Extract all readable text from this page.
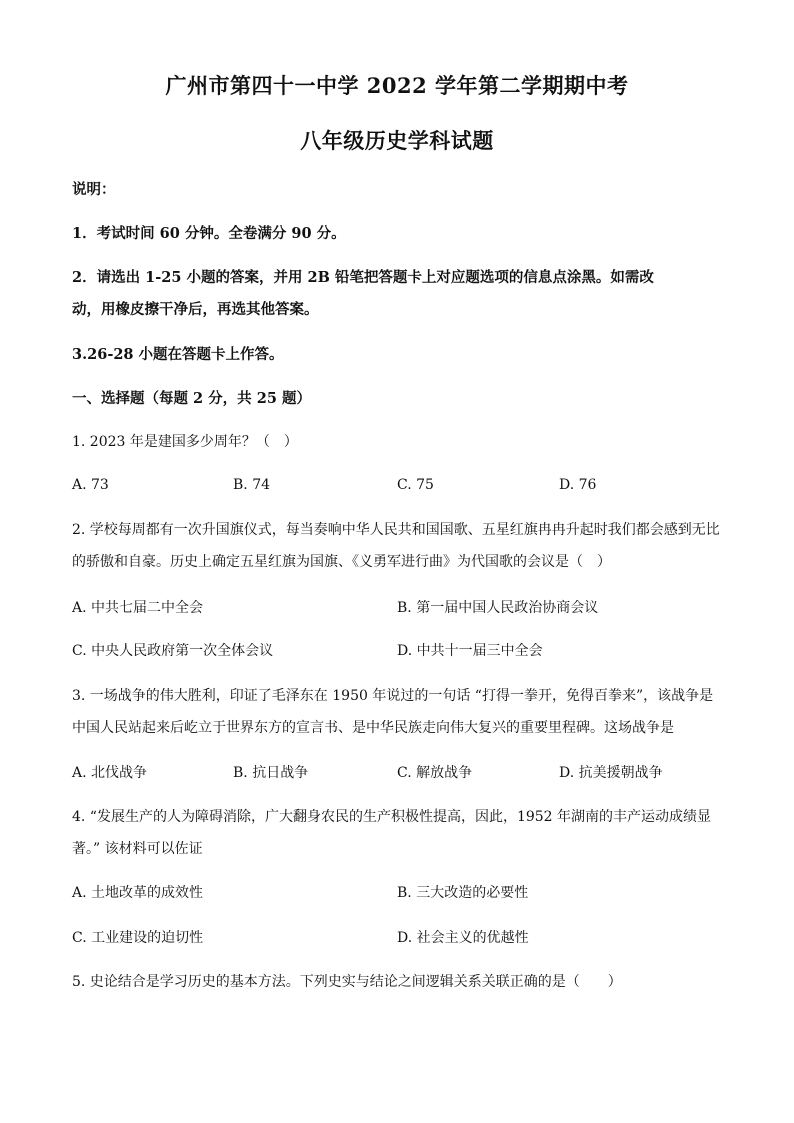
广州市第四十一中学 2022 学年第二学期期中考
八年级历史学科试题
说明：
1．考试时间 60 分钟。全卷满分 90 分。
2．请选出 1-25 小题的答案，并用 2B 铅笔把答题卡上对应题选项的信息点涂黑。如需改
动，用橡皮擦干净后，再选其他答案。
3.26-28 小题在答题卡上作答。
一、选择题（每题 2 分，共 25 题）
1. 2023 年是建国多少周年？（　）
A. 73	B. 74	C. 75	D. 76
2. 学校每周都有一次升国旗仪式，每当奏响中华人民共和国国歌、五星红旗冉冉升起时我们都会感到无比
的骄傲和自豪。历史上确定五星红旗为国旗、《义勇军进行曲》为代国歌的会议是（　）
A. 中共七届二中全会	B. 第一届中国人民政治协商会议
C. 中央人民政府第一次全体会议	D. 中共十一届三中全会
3. 一场战争的伟大胜利，印证了毛泽东在 1950 年说过的一句话 “打得一拳开，免得百拳来”，该战争是
中国人民站起来后屹立于世界东方的宣言书、是中华民族走向伟大复兴的重要里程碑。这场战争是
A. 北伐战争	B. 抗日战争	C. 解放战争	D. 抗美援朝战争
4. “发展生产的人为障碍消除，广大翻身农民的生产积极性提高，因此，1952 年湖南的丰产运动成绩显
著。” 该材料可以佐证
A. 土地改革的成效性	B. 三大改造的必要性
C. 工业建设的迫切性	D. 社会主义的优越性
5. 史论结合是学习历史的基本方法。下列史实与结论之间逻辑关系关联正确的是（　　）
